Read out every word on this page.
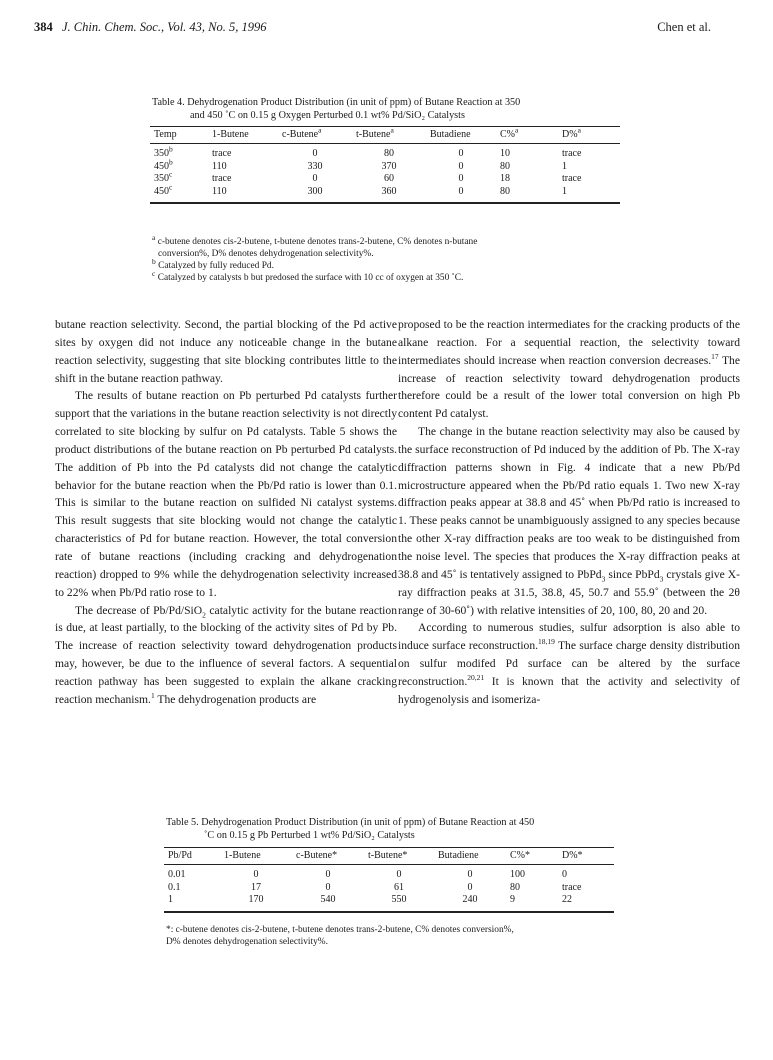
384 J. Chin. Chem. Soc., Vol. 43, No. 5, 1996	Chen et al.
Table 4. Dehydrogenation Product Distribution (in unit of ppm) of Butane Reaction at 350
and 450 ˚C on 0.15 g Oxygen Perturbed 0.1 wt% Pd/SiO₂ Catalysts
Temp	1-Butene	c-Butene$^a$	t-Butene$^a$	Butadiene	C%$^a$	D%$^a$
350$^b$	trace	0	80	0	10	trace
450$^b$	110	330	370	0	80	1
350$^c$	trace	0	60	0	18	trace
450$^c$	110	300	360	0	80	1

$^a$ c-butene denotes cis-2-butene, t-butene denotes trans-2-butene, C% denotes n-butane

conversion%, D% denotes dehydrogenation selectivity%.

$^b$ Catalyzed by fully reduced Pd.

$^c$ Catalyzed by catalysts b but predosed the surface with 10 cc of oxygen at 350 ˚C.

butane reaction selectivity. Second, the partial blocking of the Pd active sites by oxygen did not induce any noticeable change in the butane reaction selectivity, suggesting that site blocking contributes little to the shift in the butane reaction pathway.

The results of butane reaction on Pb perturbed Pd catalysts further support that the variations in the butane reaction selectivity is not directly correlated to site blocking by sulfur on Pd catalysts. Table 5 shows the product distributions of the butane reaction on Pb perturbed Pd catalysts. The addition of Pb into the Pd catalysts did not change the catalytic behavior for the butane reaction when the Pb/Pd ratio is lower than 0.1. This is similar to the butane reaction on sulfided Ni catalyst systems. This result suggests that site blocking would not change the catalytic characteristics of Pd for butane reaction. However, the total conversion rate of butane reactions (including cracking and dehydrogenation reaction) dropped to 9% while the dehydrogenation selectivity increased to 22% when Pb/Pd ratio rose to 1.

The decrease of Pb/Pd/SiO$_2$ catalytic activity for the butane reaction is due, at least partially, to the blocking of the activity sites of Pd by Pb. The increase of reaction selectivity toward dehydrogenation products may, however, be due to the influence of several factors. A sequential reaction pathway has been suggested to explain the alkane cracking reaction mechanism.$^1$ The dehydrogenation products are

proposed to be the reaction intermediates for the cracking products of the alkane reaction. For a sequential reaction, the selectivity toward intermediates should increase when reaction conversion decreases.$^{17}$ The increase of reaction selectivity toward dehydrogenation products therefore could be a result of the lower total conversion on high Pb content Pd catalyst.

The change in the butane reaction selectivity may also be caused by the surface reconstruction of Pd induced by the addition of Pb. The X-ray diffraction patterns shown in Fig. 4 indicate that a new Pb/Pd microstructure appeared when the Pb/Pd ratio equals 1. Two new X-ray diffraction peaks appear at 38.8 and 45˚ when Pb/Pd ratio is increased to 1. These peaks cannot be unambiguously assigned to any species because the other X-ray diffraction peaks are too weak to be distinguished from the noise level. The species that produces the X-ray diffraction peaks at 38.8 and 45˚ is tentatively assigned to PbPd$_3$ since PbPd$_3$ crystals give X-ray diffraction peaks at 31.5, 38.8, 45, 50.7 and 55.9˚ (between the 2θ range of 30-60˚) with relative intensities of 20, 100, 80, 20 and 20.

According to numerous studies, sulfur adsorption is also able to induce surface reconstruction.$^{18,19}$ The surface charge density distribution on sulfur modifed Pd surface can be altered by the surface reconstruction.$^{20,21}$ It is known that the activity and selectivity of hydrogenolysis and isomeriza-

Table 5. Dehydrogenation Product Distribution (in unit of ppm) of Butane Reaction at 450
˚C on 0.15 g Pb Perturbed 1 wt% Pd/SiO₂ Catalysts
Pb/Pd	1-Butene	c-Butene*	t-Butene*	Butadiene	C%*	D%*
0.01	0	0	0	0	100	0
0.1	17	0	61	0	80	trace
1	170	540	550	240	9	22

*: c-butene denotes cis-2-butene, t-butene denotes trans-2-butene, C% denotes conversion%,

D% denotes dehydrogenation selectivity%.
